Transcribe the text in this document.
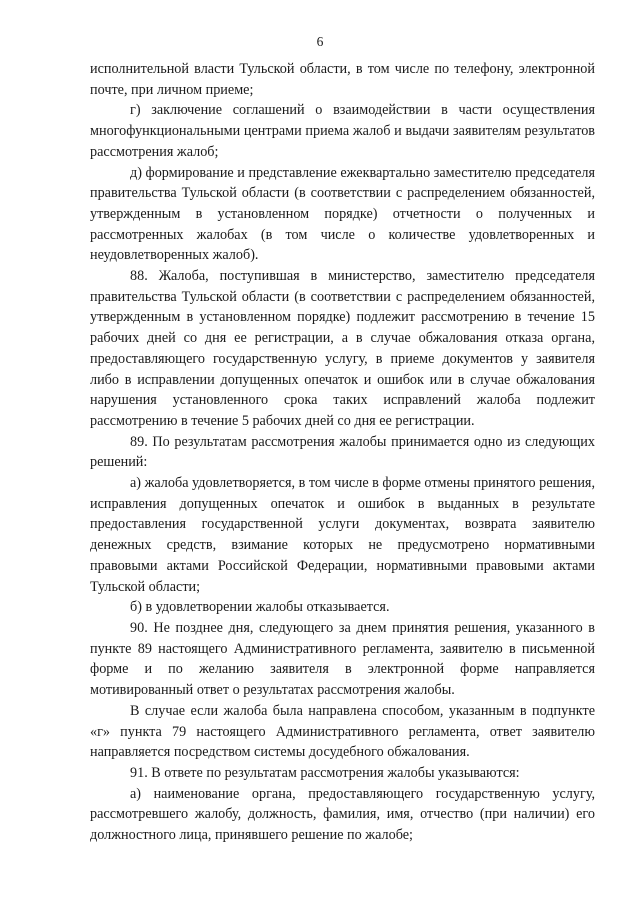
6

исполнительной власти Тульской области, в том числе по телефону, электронной почте, при личном приеме;

г) заключение соглашений о взаимодействии в части осуществления многофункциональными центрами приема жалоб и выдачи заявителям результатов рассмотрения жалоб;

д) формирование и представление ежеквартально заместителю председателя правительства Тульской области (в соответствии с распределением обязанностей, утвержденным в установленном порядке) отчетности о полученных и рассмотренных жалобах (в том числе о количестве удовлетворенных и неудовлетворенных жалоб).

88. Жалоба, поступившая в министерство, заместителю председателя правительства Тульской области (в соответствии с распределением обязанностей, утвержденным в установленном порядке) подлежит рассмотрению в течение 15 рабочих дней со дня ее регистрации, а в случае обжалования отказа органа, предоставляющего государственную услугу, в приеме документов у заявителя либо в исправлении допущенных опечаток и ошибок или в случае обжалования нарушения установленного срока таких исправлений жалоба подлежит рассмотрению в течение 5 рабочих дней со дня ее регистрации.

89. По результатам рассмотрения жалобы принимается одно из следующих решений:

а) жалоба удовлетворяется, в том числе в форме отмены принятого решения, исправления допущенных опечаток и ошибок в выданных в результате предоставления государственной услуги документах, возврата заявителю денежных средств, взимание которых не предусмотрено нормативными правовыми актами Российской Федерации, нормативными правовыми актами Тульской области;

б) в удовлетворении жалобы отказывается.

90. Не позднее дня, следующего за днем принятия решения, указанного в пункте 89 настоящего Административного регламента, заявителю в письменной форме и по желанию заявителя в электронной форме направляется мотивированный ответ о результатах рассмотрения жалобы.

В случае если жалоба была направлена способом, указанным в подпункте «г» пункта 79 настоящего Административного регламента, ответ заявителю направляется посредством системы досудебного обжалования.

91. В ответе по результатам рассмотрения жалобы указываются:

а) наименование органа, предоставляющего государственную услугу, рассмотревшего жалобу, должность, фамилия, имя, отчество (при наличии) его должностного лица, принявшего решение по жалобе;
